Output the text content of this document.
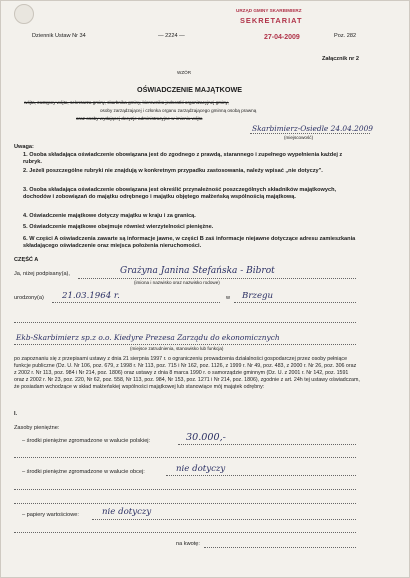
Dziennik Ustaw Nr 34	— 2224 —	Poz. 282
URZĄD GMINY SKARBIMIERZ
SEKRETARIAT
27-04-2009
Załącznik nr 2
WZÓR
OŚWIADCZENIE MAJĄTKOWE
wójta, zastępcy wójta, sekretarza gminy, skarbnika gminy, kierownika jednostki organizacyjnej gminy,
osoby zarządzającej i członka organu zarządzającego gminną osobą prawną
oraz osoby wydającej decyzje administracyjne w imieniu wójta
Skarbimierz-Osiedle 24.04.2009
(miejscowość)
Uwaga:
1. Osoba składająca oświadczenie obowiązana jest do zgodnego z prawdą, starannego i zupełnego wypełnienia każdej z rubryk.
2. Jeżeli poszczególne rubryki nie znajdują w konkretnym przypadku zastosowania, należy wpisać „nie dotyczy".
3. Osoba składająca oświadczenie obowiązana jest określić przynależność poszczególnych składników majątkowych, dochodów i zobowiązań do majątku odrębnego i majątku objętego małżeńską wspólnością majątkową.
4. Oświadczenie majątkowe dotyczy majątku w kraju i za granicą.
5. Oświadczenie majątkowe obejmuje również wierzytelności pieniężne.
6. W części A oświadczenia zawarte są informacje jawne, w części B zaś informacje niejawne dotyczące adresu zamieszkania składającego oświadczenie oraz miejsca położenia nieruchomości.
CZĘŚĆ A
Ja, niżej podpisany(a),	Grażyna Janina Stefańska - Bibrot
(imiona i nazwisko oraz nazwisko rodowe)
urodzony(a) 21.03.1964 r.	w Brzegu
Ekb-Skarbimierz sp.z o.o. Kiedyre Prezesa Zarządu do ekonomicznych
(miejsce zatrudnienia, stanowisko lub funkcja)
po zapoznaniu się z przepisami ustawy z dnia 21 sierpnia 1997 r. o ograniczeniu prowadzenia działalności gospodarczej przez osoby pełniące funkcje publiczne (Dz. U. Nr 106, poz. 679, z 1998 r. Nr 113, poz. 715 i Nr 162, poz. 1126, z 1999 r. Nr 49, poz. 483, z 2000 r. Nr 26, poz. 306 oraz z 2002 r. Nr 113, poz. 984 i Nr 214, poz. 1806) oraz ustawy z dnia 8 marca 1990 r. o samorządzie gminnym (Dz. U. z 2001 r. Nr 142, poz. 1591 oraz z 2002 r. Nr 23, poz. 220, Nr 62, poz. 558, Nr 113, poz. 984, Nr 153, poz. 1271 i Nr 214, poz. 1806), zgodnie z art. 24h tej ustawy oświadczam, że posiadam wchodzące w skład małżeńskiej wspólności majątkowej lub stanowiące mój majątek odrębny:
I.
Zasoby pieniężne:
– środki pieniężne zgromadzone w walucie polskiej:	30.000,-
– środki pieniężne zgromadzone w walucie obcej:	nie dotyczy
– papiery wartościowe:	nie dotyczy
na kwotę:
